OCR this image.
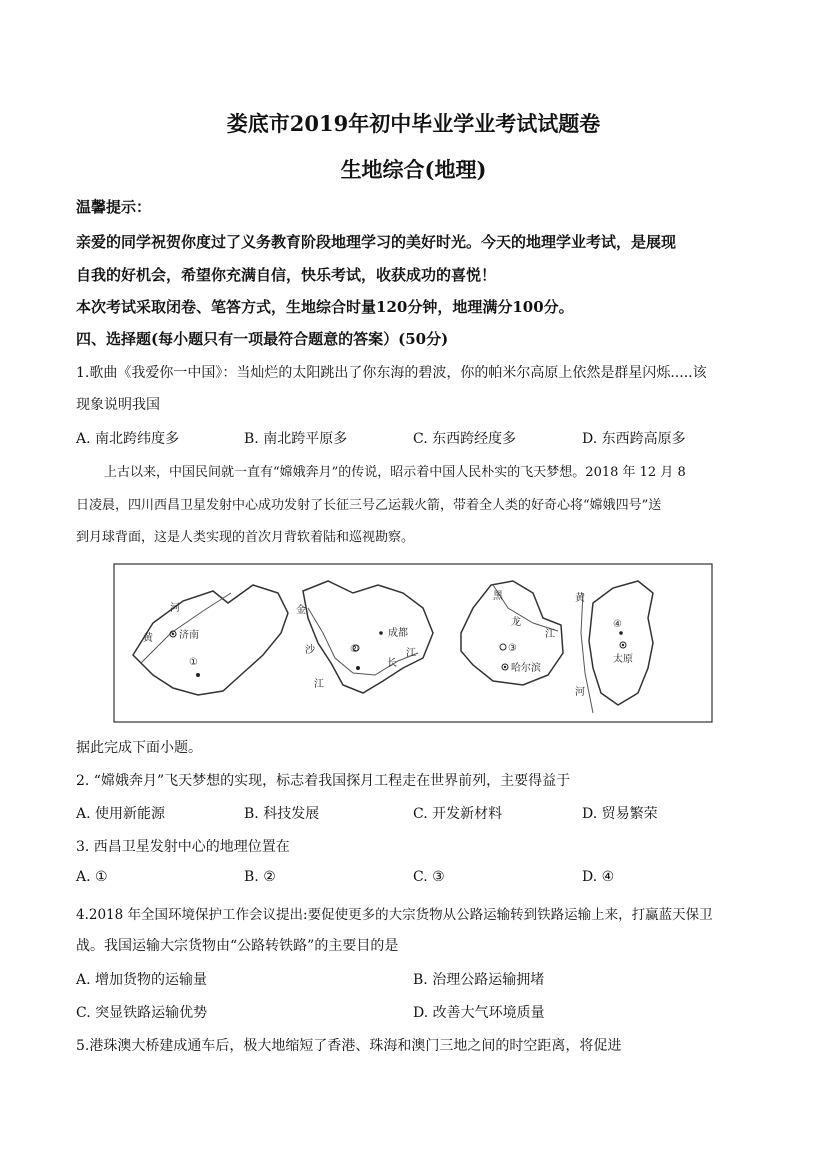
娄底市2019年初中毕业学业考试试题卷
生地综合(地理)
温馨提示：
亲爱的同学祝贺你度过了义务教育阶段地理学习的美好时光。今天的地理学业考试，是展现
自我的好机会，希望你充满自信，快乐考试，收获成功的喜悦！
本次考试采取闭卷、笔答方式，生地综合时量120分钟，地理满分100分。
四、选择题(每小题只有一项最符合题意的答案）(50分)
1.歌曲《我爱你一中国》：当灿烂的太阳跳出了你东海的碧波，你的帕米尔高原上依然是群星闪烁.....该
现象说明我国
A. 南北跨纬度多	B. 南北跨平原多	C. 东西跨经度多	D. 东西跨高原多
上古以来，中国民间就一直有“嫦娥奔月”的传说，昭示着中国人民朴实的飞天梦想。2018 年 12 月 8
日凌晨，四川西昌卫星发射中心成功发射了长征三号乙运载火箭，带着全人类的好奇心将“嫦娥四号”送
到月球背面，这是人类实现的首次月背软着陆和巡视勘察。
黄
河
济南
①
金
沙
江
长
江
成都
②
黑
龙
江
③
哈尔滨
黄
河
④
太原
据此完成下面小题。
2. “嫦娥奔月”飞天梦想的实现，标志着我国探月工程走在世界前列，主要得益于
A. 使用新能源	B. 科技发展	C. 开发新材料	D. 贸易繁荣
3. 西昌卫星发射中心的地理位置在
A. ①	B. ②	C. ③	D. ④
4.2018 年全国环境保护工作会议提出:要促使更多的大宗货物从公路运输转到铁路运输上来，打赢蓝天保卫
战。我国运输大宗货物由“公路转铁路”的主要目的是
A. 增加货物的运输量	B. 治理公路运输拥堵
C. 突显铁路运输优势	D. 改善大气环境质量
5.港珠澳大桥建成通车后，极大地缩短了香港、珠海和澳门三地之间的时空距离，将促进
